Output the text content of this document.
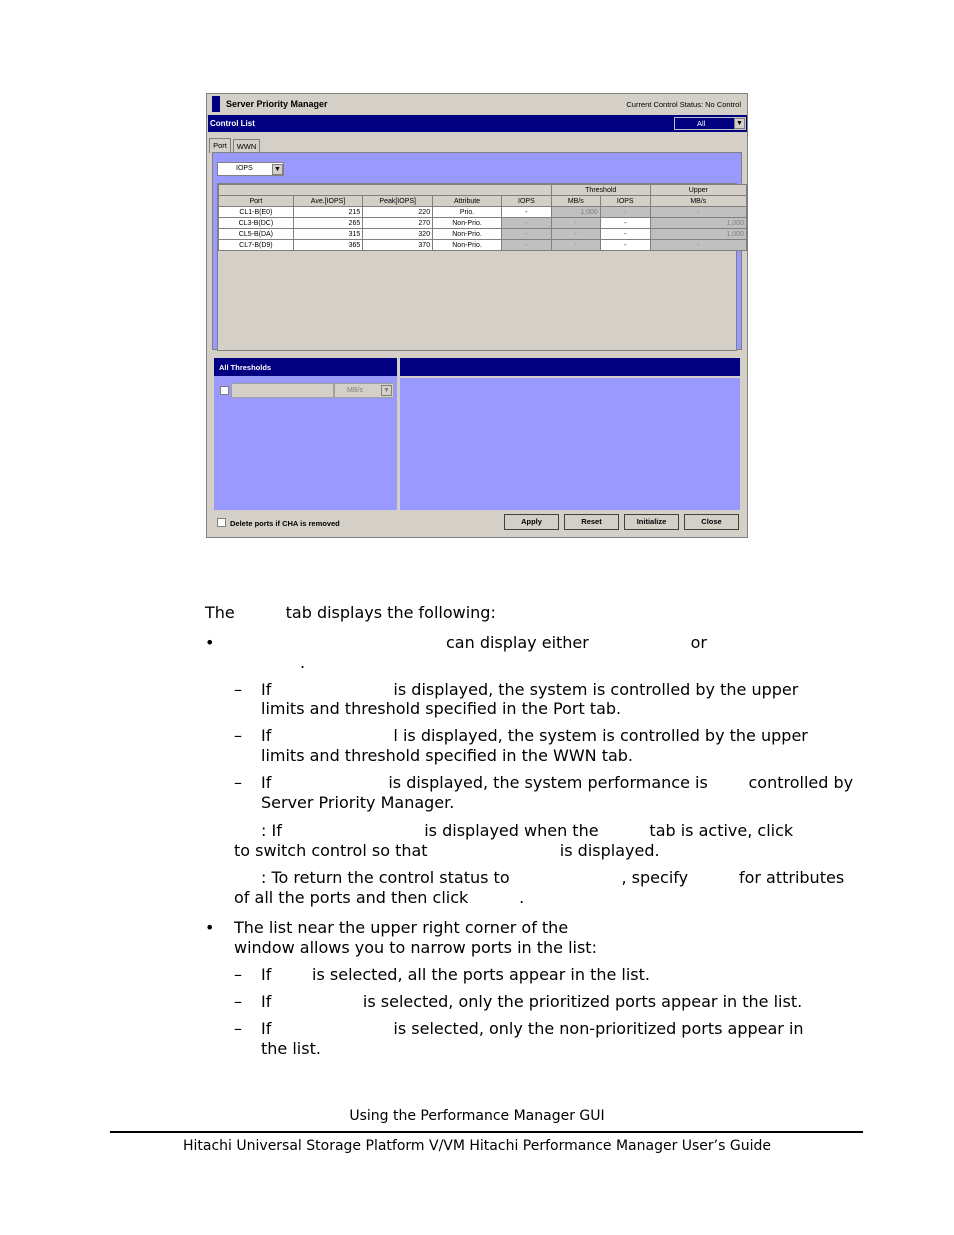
Server Priority Manager	Current Control Status: No Control
Control List	All	▼
Port	WWN
IOPS	▼
					Threshold		Upper
Port	Ave.[IOPS]	Peak[IOPS]	Attribute	IOPS	MB/s	IOPS	MB/s
CL1-B(E0)	215	220	Prio.	-	1,000	-	-
CL3-B(DC)	265	270	Non-Prio.	-	-	-	1,000
CL5-B(DA)	315	320	Non-Prio.	-	-	-	1,000
CL7-B(D9)	365	370	Non-Prio.	-	-	-	-
All Thresholds
MB/s	▼
Delete ports if CHA is removed	Apply	Reset	Initialize	Close
The          tab displays the following:
•	can display either                    or
.
– If                        is displayed, the system is controlled by the upper
limits and threshold specified in the Port tab.
– If                        l is displayed, the system is controlled by the upper
limits and threshold specified in the WWN tab.
– If                       is displayed, the system performance is        controlled by
Server Priority Manager.
: If                            is displayed when the          tab is active, click
to switch control so that                          is displayed.
: To return the control status to                      , specify          for attributes
of all the ports and then click          .
• The list near the upper right corner of the
window allows you to narrow ports in the list:
– If        is selected, all the ports appear in the list.
– If                  is selected, only the prioritized ports appear in the list.
– If                        is selected, only the non-prioritized ports appear in
the list.
Using the Performance Manager GUI
Hitachi Universal Storage Platform V/VM Hitachi Performance Manager User’s Guide
